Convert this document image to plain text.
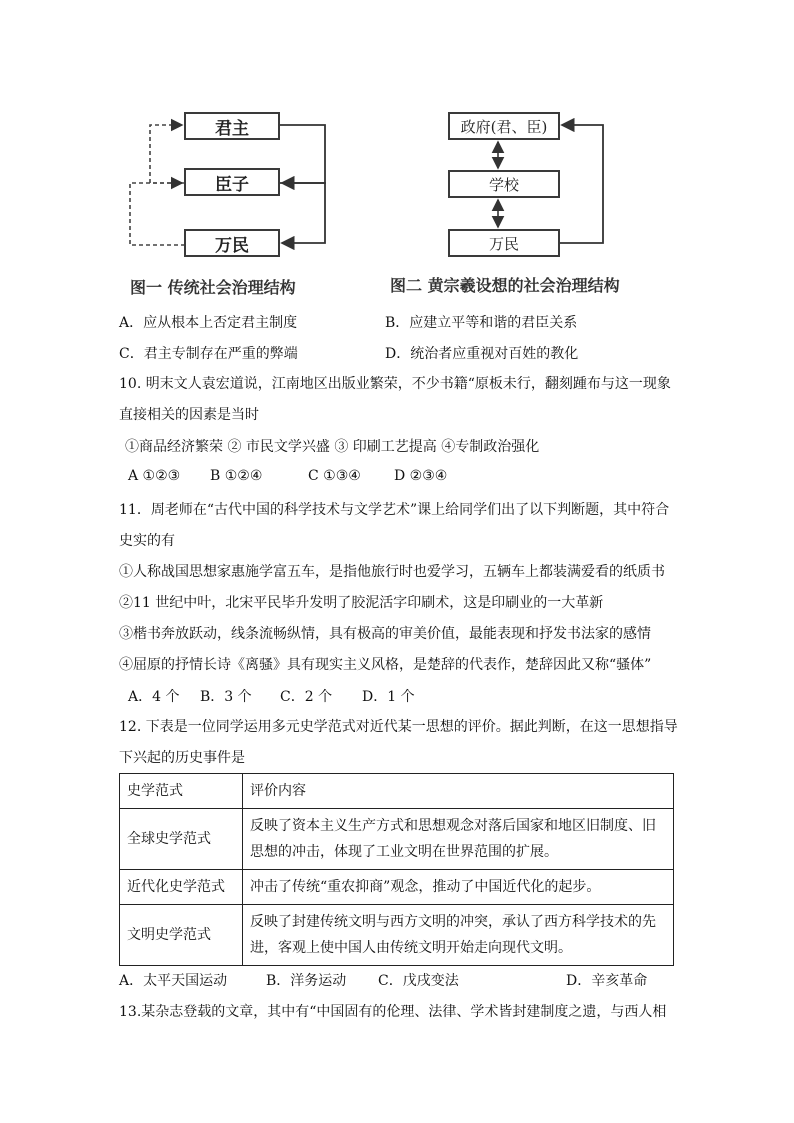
君主
臣子
万民
图一 传统社会治理结构
政府(君、臣)
学校
万民
图二 黄宗羲设想的社会治理结构
A．应从根本上否定君主制度	B．应建立平等和谐的君臣关系
C．君主专制存在严重的弊端	D．统治者应重视对百姓的教化
10. 明末文人袁宏道说，江南地区出版业繁荣，不少书籍“原板未行，翻刻踵布与这一现象
直接相关的因素是当时
①商品经济繁荣 ② 市民文学兴盛 ③ 印刷工艺提高 ④专制政治强化
A ①②③ B ①②④	C ①③④ D ②③④
11．周老师在“古代中国的科学技术与文学艺术”课上给同学们出了以下判断题，其中符合
史实的有
①人称战国思想家惠施学富五车，是指他旅行时也爱学习，五辆车上都装满爱看的纸质书
②11 世纪中叶，北宋平民毕升发明了胶泥活字印刷术，这是印刷业的一大革新
③楷书奔放跃动，线条流畅纵情，具有极高的审美价值，最能表现和抒发书法家的感情
④屈原的抒情长诗《离骚》具有现实主义风格，是楚辞的代表作，楚辞因此又称“骚体”
A．4 个 B．3 个 C．2 个 D．1 个
12. 下表是一位同学运用多元史学范式对近代某一思想的评价。据此判断，在这一思想指导
下兴起的历史事件是
史学范式	评价内容
全球史学范式	反映了资本主义生产方式和思想观念对落后国家和地区旧制度、旧思想的冲击，体现了工业文明在世界范围的扩展。
近代化史学范式	冲击了传统“重农抑商”观念，推动了中国近代化的起步。
文明史学范式	反映了封建传统文明与西方文明的冲突，承认了西方科学技术的先进，客观上使中国人由传统文明开始走向现代文明。
A．太平天国运动	B．洋务运动 C．戊戌变法	D．辛亥革命
13.某杂志登载的文章，其中有“中国固有的伦理、法律、学术皆封建制度之遗，与西人相
